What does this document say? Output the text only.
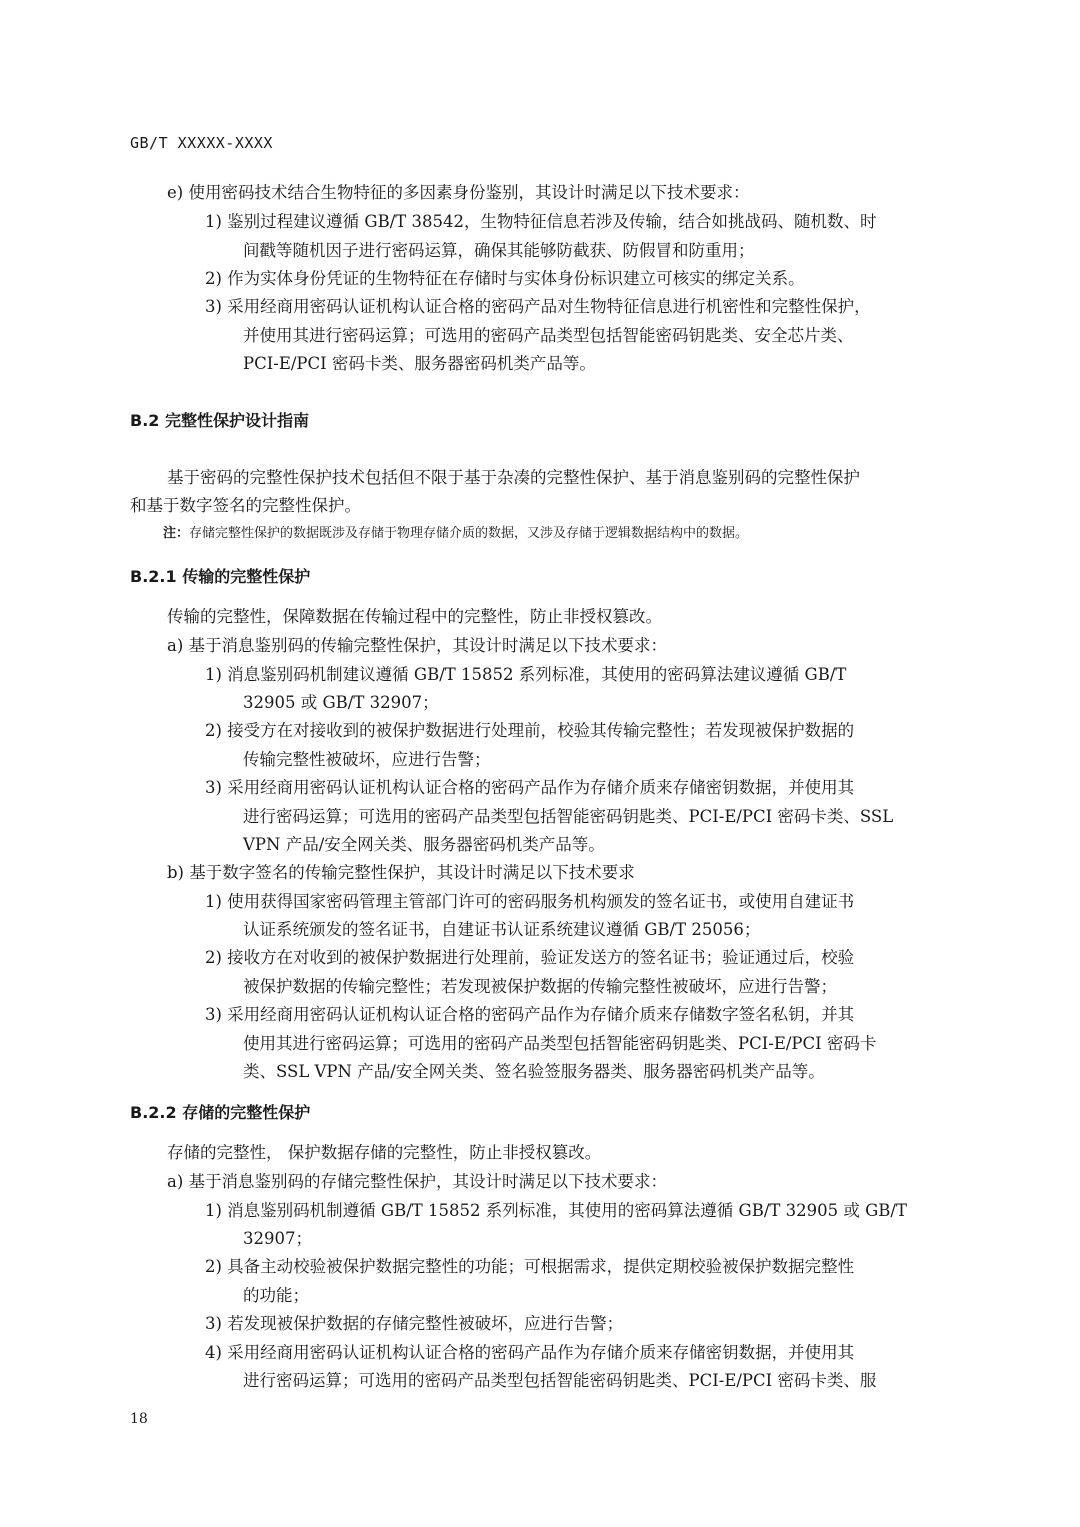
GB/T XXXXX-XXXX
e) 使用密码技术结合生物特征的多因素身份鉴别，其设计时满足以下技术要求：
1) 鉴别过程建议遵循 GB/T 38542，生物特征信息若涉及传输，结合如挑战码、随机数、时
间戳等随机因子进行密码运算，确保其能够防截获、防假冒和防重用；
2) 作为实体身份凭证的生物特征在存储时与实体身份标识建立可核实的绑定关系。
3) 采用经商用密码认证机构认证合格的密码产品对生物特征信息进行机密性和完整性保护，
并使用其进行密码运算；可选用的密码产品类型包括智能密码钥匙类、安全芯片类、
PCI-E/PCI 密码卡类、服务器密码机类产品等。
B.2 完整性保护设计指南
基于密码的完整性保护技术包括但不限于基于杂凑的完整性保护、基于消息鉴别码的完整性保护
和基于数字签名的完整性保护。
注：存储完整性保护的数据既涉及存储于物理存储介质的数据，又涉及存储于逻辑数据结构中的数据。
B.2.1 传输的完整性保护
传输的完整性，保障数据在传输过程中的完整性，防止非授权篡改。
a) 基于消息鉴别码的传输完整性保护，其设计时满足以下技术要求：
1) 消息鉴别码机制建议遵循 GB/T 15852 系列标准，其使用的密码算法建议遵循 GB/T
32905 或 GB/T 32907；
2) 接受方在对接收到的被保护数据进行处理前，校验其传输完整性；若发现被保护数据的
传输完整性被破坏，应进行告警；
3) 采用经商用密码认证机构认证合格的密码产品作为存储介质来存储密钥数据，并使用其
进行密码运算；可选用的密码产品类型包括智能密码钥匙类、PCI-E/PCI 密码卡类、SSL
VPN 产品/安全网关类、服务器密码机类产品等。
b) 基于数字签名的传输完整性保护，其设计时满足以下技术要求
1) 使用获得国家密码管理主管部门许可的密码服务机构颁发的签名证书，或使用自建证书
认证系统颁发的签名证书，自建证书认证系统建议遵循 GB/T 25056；
2) 接收方在对收到的被保护数据进行处理前，验证发送方的签名证书；验证通过后，校验
被保护数据的传输完整性；若发现被保护数据的传输完整性被破坏，应进行告警；
3) 采用经商用密码认证机构认证合格的密码产品作为存储介质来存储数字签名私钥，并其
使用其进行密码运算；可选用的密码产品类型包括智能密码钥匙类、PCI-E/PCI 密码卡
类、SSL VPN 产品/安全网关类、签名验签服务器类、服务器密码机类产品等。
B.2.2 存储的完整性保护
存储的完整性， 保护数据存储的完整性，防止非授权篡改。
a) 基于消息鉴别码的存储完整性保护，其设计时满足以下技术要求：
1) 消息鉴别码机制遵循 GB/T 15852 系列标准，其使用的密码算法遵循 GB/T 32905 或 GB/T
32907；
2) 具备主动校验被保护数据完整性的功能；可根据需求，提供定期校验被保护数据完整性
的功能；
3) 若发现被保护数据的存储完整性被破坏，应进行告警；
4) 采用经商用密码认证机构认证合格的密码产品作为存储介质来存储密钥数据，并使用其
进行密码运算；可选用的密码产品类型包括智能密码钥匙类、PCI-E/PCI 密码卡类、服
18
